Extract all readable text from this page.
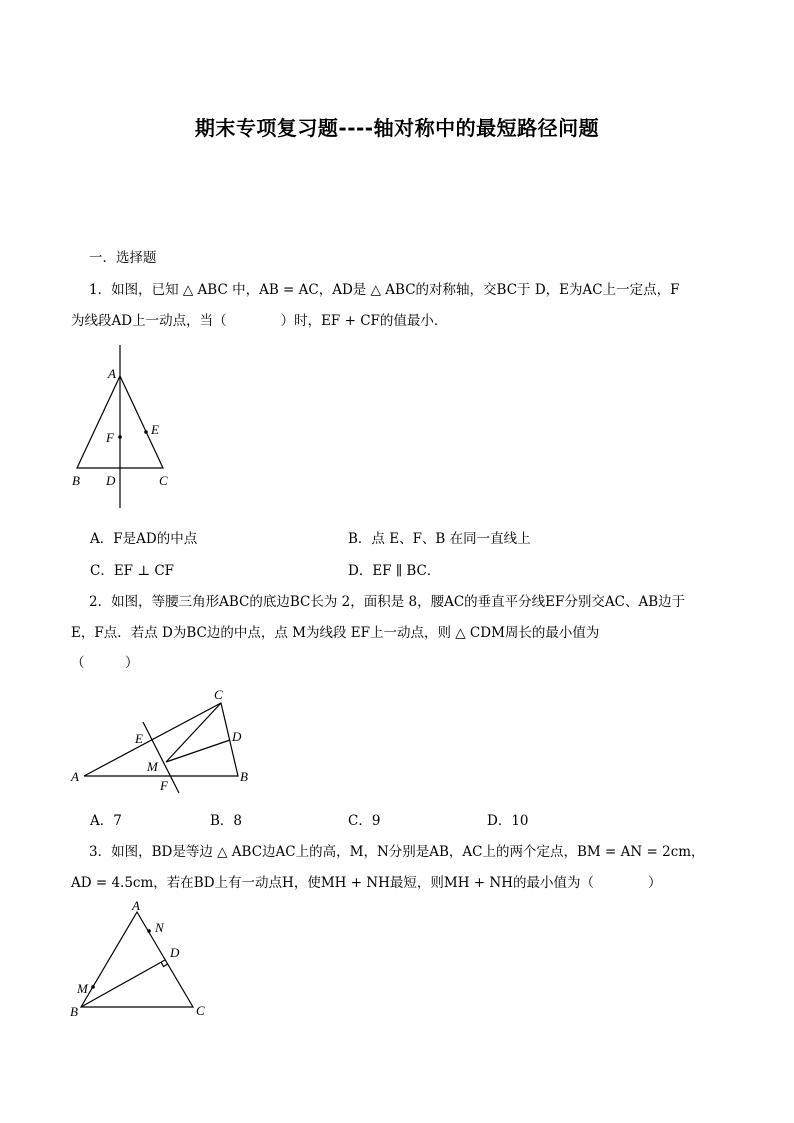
期末专项复习题----轴对称中的最短路径问题
一．选择题
1．如图，已知 △ ABC 中，AB = AC，AD是 △ ABC的对称轴，交BC于 D，E为AC上一定点，F
为线段AD上一动点，当（　　　　）时，EF + CF的值最小．
A
F
E
B D	C
A．F是AD的中点	B．点 E、F、B 在同一直线上
C．EF ⊥ CF	D．EF ∥ BC．
2．如图，等腰三角形ABC的底边BC长为 2，面积是 8，腰AC的垂直平分线EF分别交AC、AB边于
E，F点．若点 D为BC边的中点，点 M为线段 EF上一动点，则 △ CDM周长的最小值为
（　　　）
C
E	D
M
A	B
F
A．7	B．8	C．9	D．10
3．如图，BD是等边 △ ABC边AC上的高，M，N分别是AB，AC上的两个定点，BM = AN = 2cm，
AD = 4.5cm，若在BD上有一动点H，使MH + NH最短，则MH + NH的最小值为（　　　　）
A
N
D
M
B	C
